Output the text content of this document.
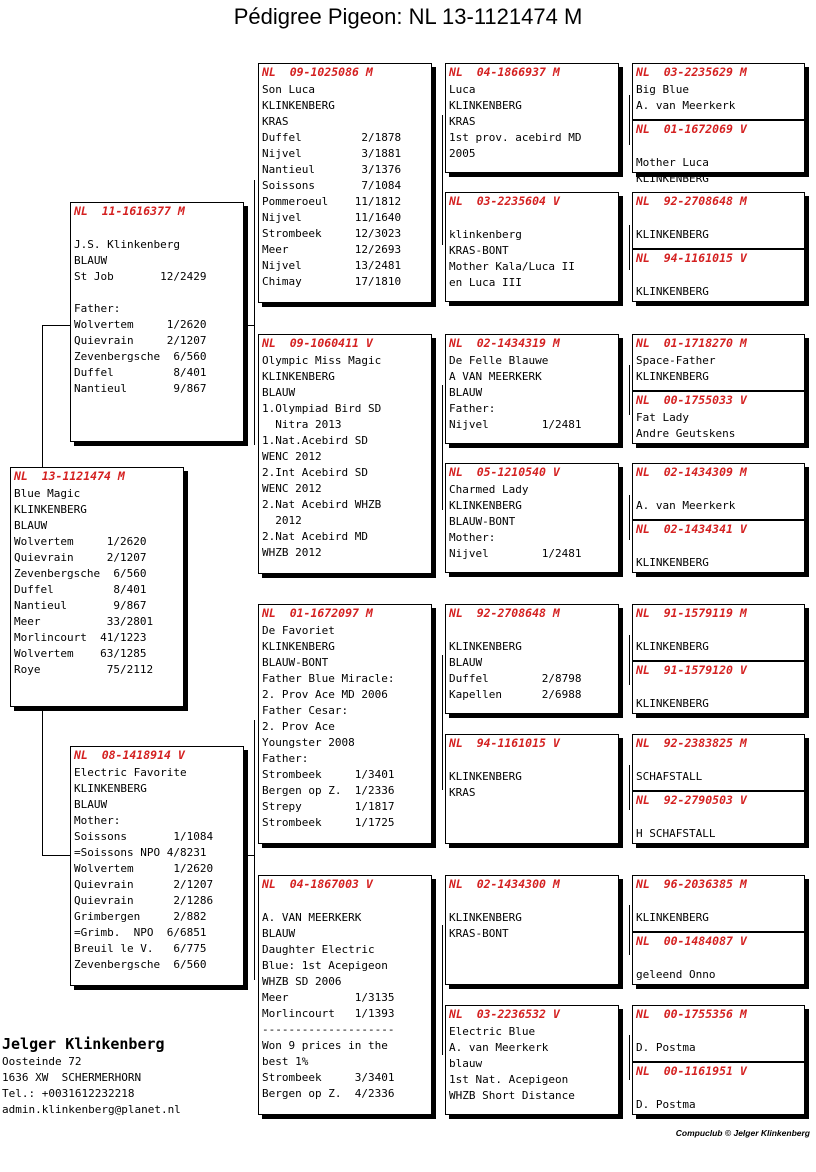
Pédigree Pigeon: NL 13-1121474 M
NL  13-1121474 M
Blue Magic
KLINKENBERG
BLAUW
Wolvertem     1/2620
Quievrain     2/1207
Zevenbergsche  6/560
Duffel         8/401
Nantieul       9/867
Meer          33/2801
Morlincourt  41/1223
Wolvertem    63/1285
Roye          75/2112
NL  11-1616377 M
J.S. Klinkenberg
BLAUW
St Job       12/2429
Father:
Wolvertem     1/2620
Quievrain     2/1207
Zevenbergsche  6/560
Duffel         8/401
Nantieul       9/867
NL  08-1418914 V
Electric Favorite
KLINKENBERG
BLAUW
Mother:
Soissons       1/1084
=Soissons NPO 4/8231
Wolvertem      1/2620
Quievrain      2/1207
Quievrain      2/1286
Grimbergen     2/882
=Grimb.  NPO  6/6851
Breuil le V.   6/775
Zevenbergsche  6/560
NL  09-1025086 M
Son Luca
KLINKENBERG
KRAS
Duffel         2/1878
Nijvel         3/1881
Nantieul       3/1376
Soissons       7/1084
Pommeroeul    11/1812
Nijvel        11/1640
Strombeek     12/3023
Meer          12/2693
Nijvel        13/2481
Chimay        17/1810
NL  09-1060411 V
Olympic Miss Magic
KLINKENBERG
BLAUW
1.Olympiad Bird SD
Nitra 2013
1.Nat.Acebird SD
WENC 2012
2.Int Acebird SD
WENC 2012
2.Nat Acebird WHZB
2012
2.Nat Acebird MD
WHZB 2012
NL  01-1672097 M
De Favoriet
KLINKENBERG
BLAUW-BONT
Father Blue Miracle:
2. Prov Ace MD 2006
Father Cesar:
2. Prov Ace
Youngster 2008
Father:
Strombeek     1/3401
Bergen op Z.  1/2336
Strepy        1/1817
Strombeek     1/1725
NL  04-1867003 V
A. VAN MEERKERK
BLAUW
Daughter Electric
Blue: 1st Acepigeon
WHZB SD 2006
Meer          1/3135
Morlincourt   1/1393
--------------------
Won 9 prices in the
best 1%
Strombeek     3/3401
Bergen op Z.  4/2336
NL  04-1866937 M
Luca
KLINKENBERG
KRAS
1st prov. acebird MD
2005
NL  03-2235604 V
klinkenberg
KRAS-BONT
Mother Kala/Luca II
en Luca III
NL  02-1434319 M
De Felle Blauwe
A VAN MEERKERK
BLAUW
Father:
Nijvel        1/2481
NL  05-1210540 V
Charmed Lady
KLINKENBERG
BLAUW-BONT
Mother:
Nijvel        1/2481
NL  92-2708648 M
KLINKENBERG
BLAUW
Duffel        2/8798
Kapellen      2/6988
NL  94-1161015 V
KLINKENBERG
KRAS
NL  02-1434300 M
KLINKENBERG
KRAS-BONT
NL  03-2236532 V
Electric Blue
A. van Meerkerk
blauw
1st Nat. Acepigeon
WHZB Short Distance
NL  03-2235629 M
Big Blue
A. van Meerkerk
NL  01-1672069 V
Mother Luca
KLINKENBERG
NL  92-2708648 M
KLINKENBERG
NL  94-1161015 V
KLINKENBERG
NL  01-1718270 M
Space-Father
KLINKENBERG
NL  00-1755033 V
Fat Lady
Andre Geutskens
NL  02-1434309 M
A. van Meerkerk
NL  02-1434341 V
KLINKENBERG
NL  91-1579119 M
KLINKENBERG
NL  91-1579120 V
KLINKENBERG
NL  92-2383825 M
SCHAFSTALL
NL  92-2790503 V
H SCHAFSTALL
NL  96-2036385 M
KLINKENBERG
NL  00-1484087 V
geleend Onno
NL  00-1755356 M
D. Postma
NL  00-1161951 V
D. Postma
Jelger Klinkenberg
Oosteinde 72
1636 XW  SCHERMERHORN
Tel.: +0031612232218
admin.klinkenberg@planet.nl
Compuclub © Jelger Klinkenberg
